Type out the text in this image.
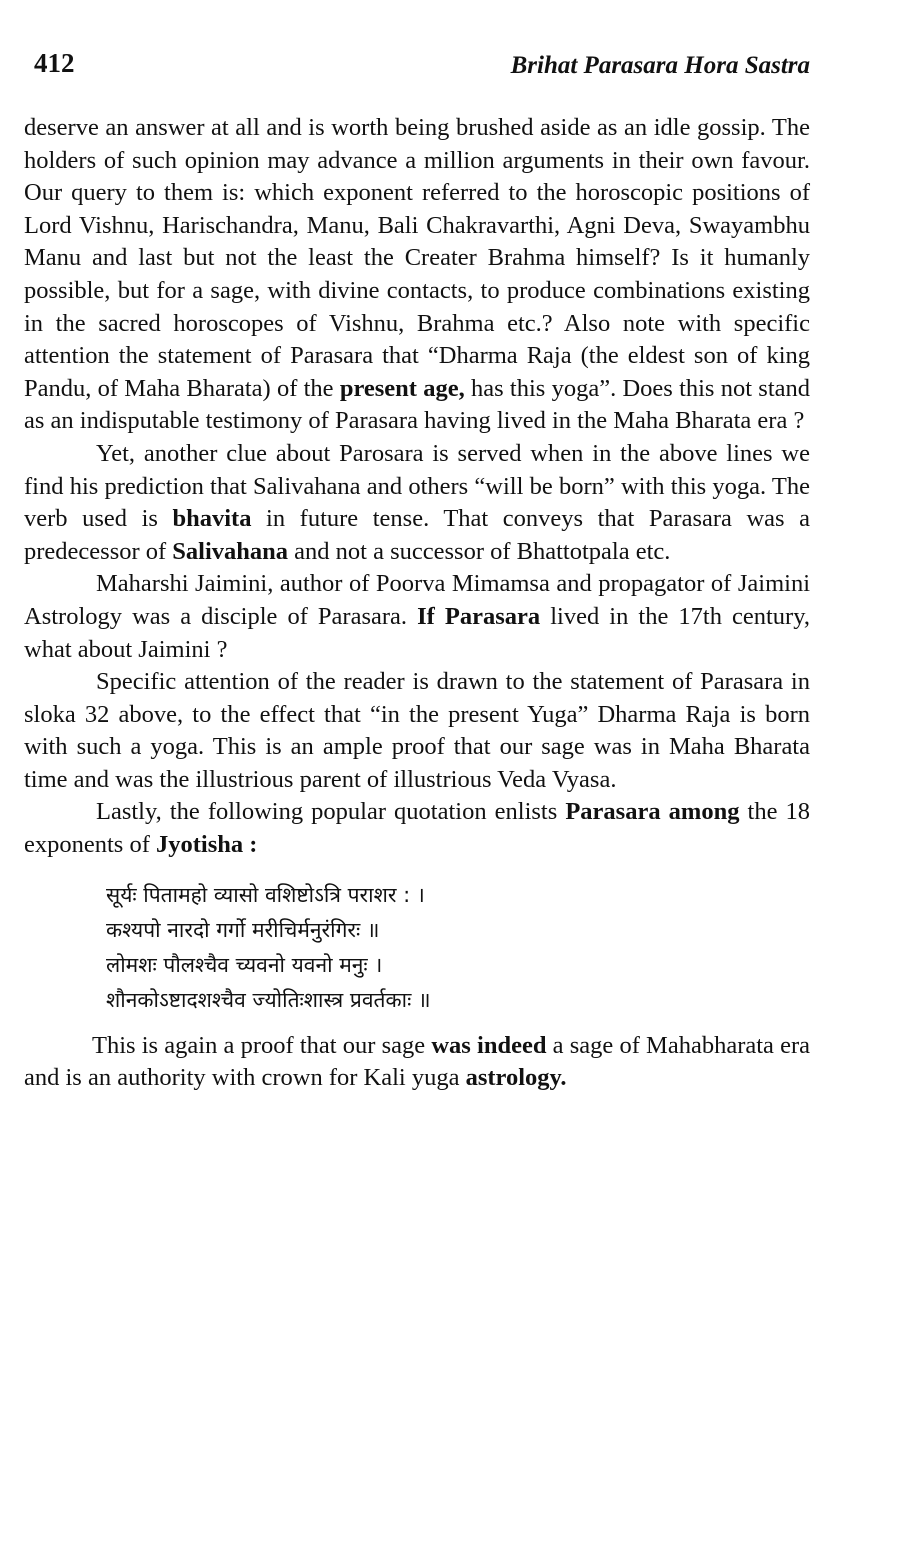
412	Brihat Parasara Hora Sastra

deserve an answer at all and is worth being brushed aside as an idle gossip. The holders of such opinion may advance a million arguments in their own favour. Our query to them is: which exponent referred to the horoscopic positions of Lord Vishnu, Harischandra, Manu, Bali Chakravarthi, Agni Deva, Swayambhu Manu and last but not the least the Creater Brahma himself? Is it humanly possible, but for a sage, with divine contacts, to produce combinations existing in the sacred horoscopes of Vishnu, Brahma etc.? Also note with specific attention the statement of Parasara that “Dharma Raja (the eldest son of king Pandu, of Maha Bharata) of the present age, has this yoga”. Does this not stand as an indisputable testimony of Parasara having lived in the Maha Bharata era ?

Yet, another clue about Parosara is served when in the above lines we find his prediction that Salivahana and others “will be born” with this yoga. The verb used is bhavita in future tense. That conveys that Parasara was a predecessor of Salivahana and not a successor of Bhattotpala etc.

Maharshi Jaimini, author of Poorva Mimamsa and propagator of Jaimini Astrology was a disciple of Parasara. If Parasara lived in the 17th century, what about Jaimini ?

Specific attention of the reader is drawn to the statement of Parasara in sloka 32 above, to the effect that “in the present Yuga” Dharma Raja is born with such a yoga. This is an ample proof that our sage was in Maha Bharata time and was the illustrious parent of illustrious Veda Vyasa.

Lastly, the following popular quotation enlists Parasara among the 18 exponents of Jyotisha :

सूर्यः पितामहो व्यासो वशिष्टोऽत्रि पराशर : ।
कश्यपो नारदो गर्गो मरीचिर्मनुरंगिरः ॥
लोमशः पौलश्चैव च्यवनो यवनो मनुः ।
शौनकोऽष्टादशश्चैव ज्योतिःशास्त्र प्रवर्तकाः ॥

This is again a proof that our sage was indeed a sage of Mahabharata era and is an authority with crown for Kali yuga astrology.
